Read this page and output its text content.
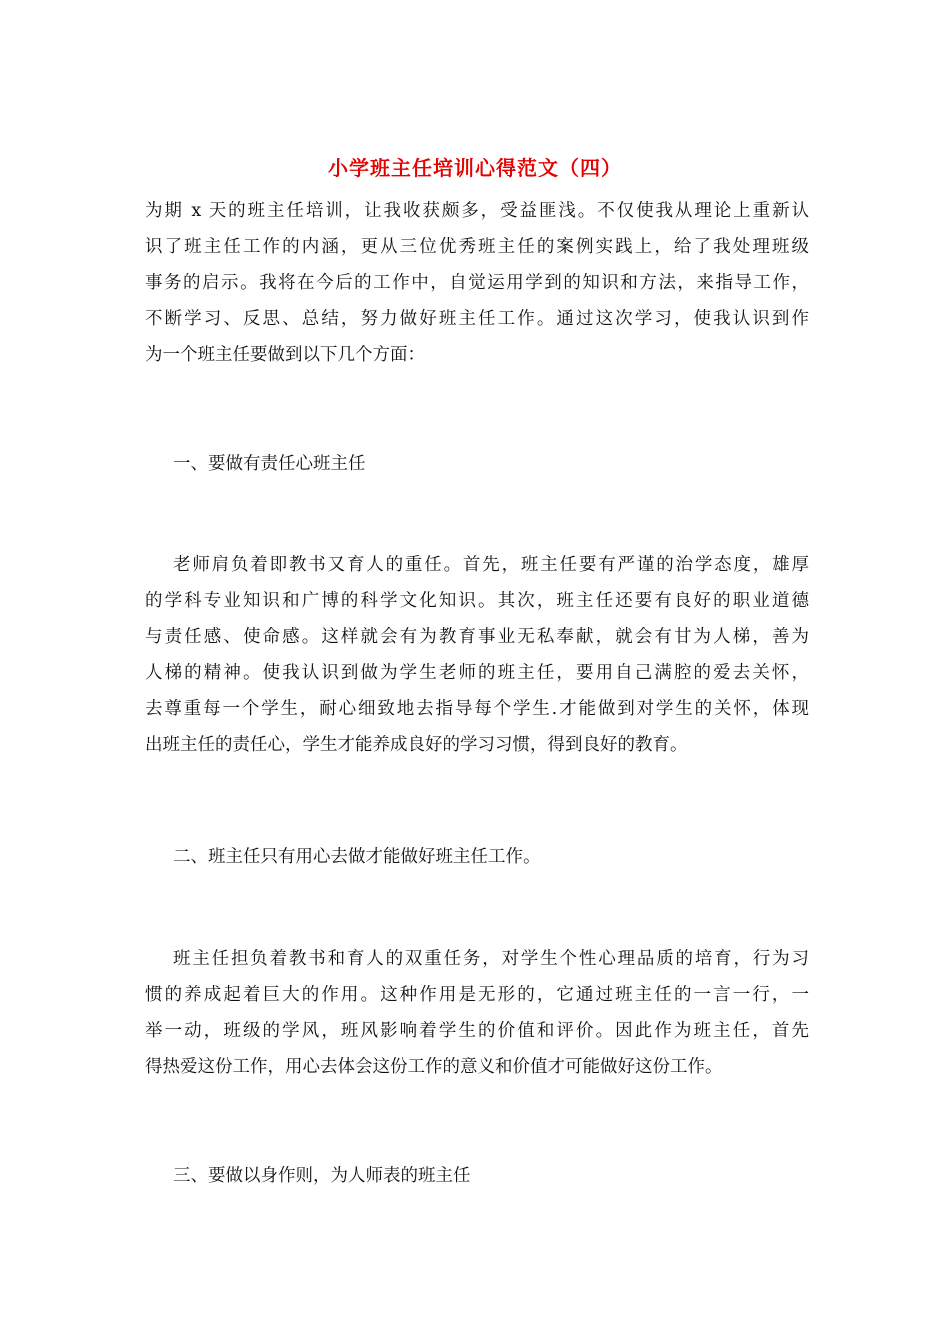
小学班主任培训心得范文（四）
为期 x 天的班主任培训，让我收获颇多，受益匪浅。不仅使我从理论上重新认
识了班主任工作的内涵，更从三位优秀班主任的案例实践上，给了我处理班级
事务的启示。我将在今后的工作中，自觉运用学到的知识和方法，来指导工作，
不断学习、反思、总结，努力做好班主任工作。通过这次学习，使我认识到作
为一个班主任要做到以下几个方面：
一、要做有责任心班主任
老师肩负着即教书又育人的重任。首先，班主任要有严谨的治学态度，雄厚
的学科专业知识和广博的科学文化知识。其次，班主任还要有良好的职业道德
与责任感、使命感。这样就会有为教育事业无私奉献，就会有甘为人梯，善为
人梯的精神。使我认识到做为学生老师的班主任，要用自己满腔的爱去关怀，
去尊重每一个学生，耐心细致地去指导每个学生.才能做到对学生的关怀，体现
出班主任的责任心，学生才能养成良好的学习习惯，得到良好的教育。
二、班主任只有用心去做才能做好班主任工作。
班主任担负着教书和育人的双重任务，对学生个性心理品质的培育，行为习
惯的养成起着巨大的作用。这种作用是无形的，它通过班主任的一言一行，一
举一动，班级的学风，班风影响着学生的价值和评价。因此作为班主任，首先
得热爱这份工作，用心去体会这份工作的意义和价值才可能做好这份工作。
三、要做以身作则，为人师表的班主任
